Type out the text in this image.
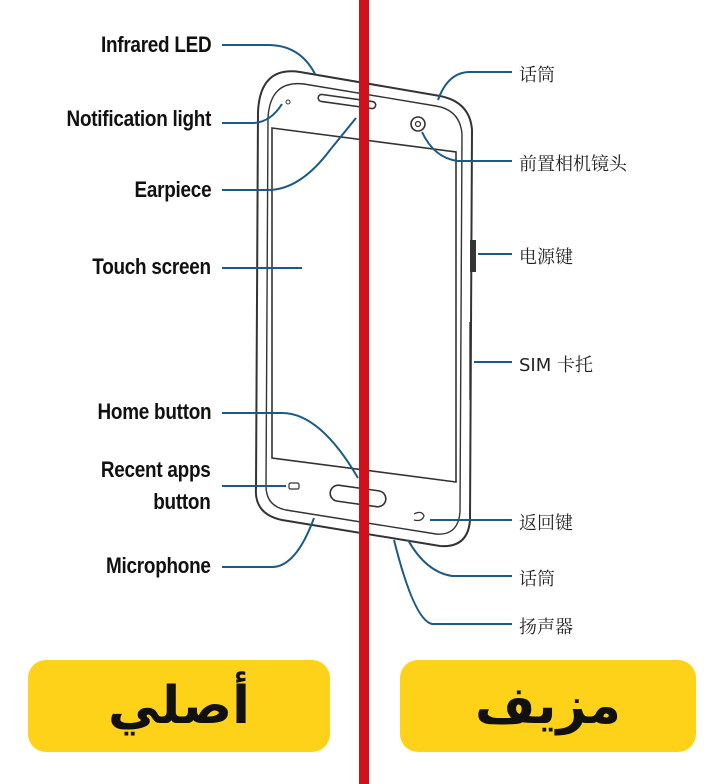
Infrared LED
Notification light
Earpiece
Touch screen
Home button
Recent apps
button
Microphone
话筒
前置相机镜头
电源键
SIM 卡托
返回键
话筒
扬声器
أصلي	مزيف
